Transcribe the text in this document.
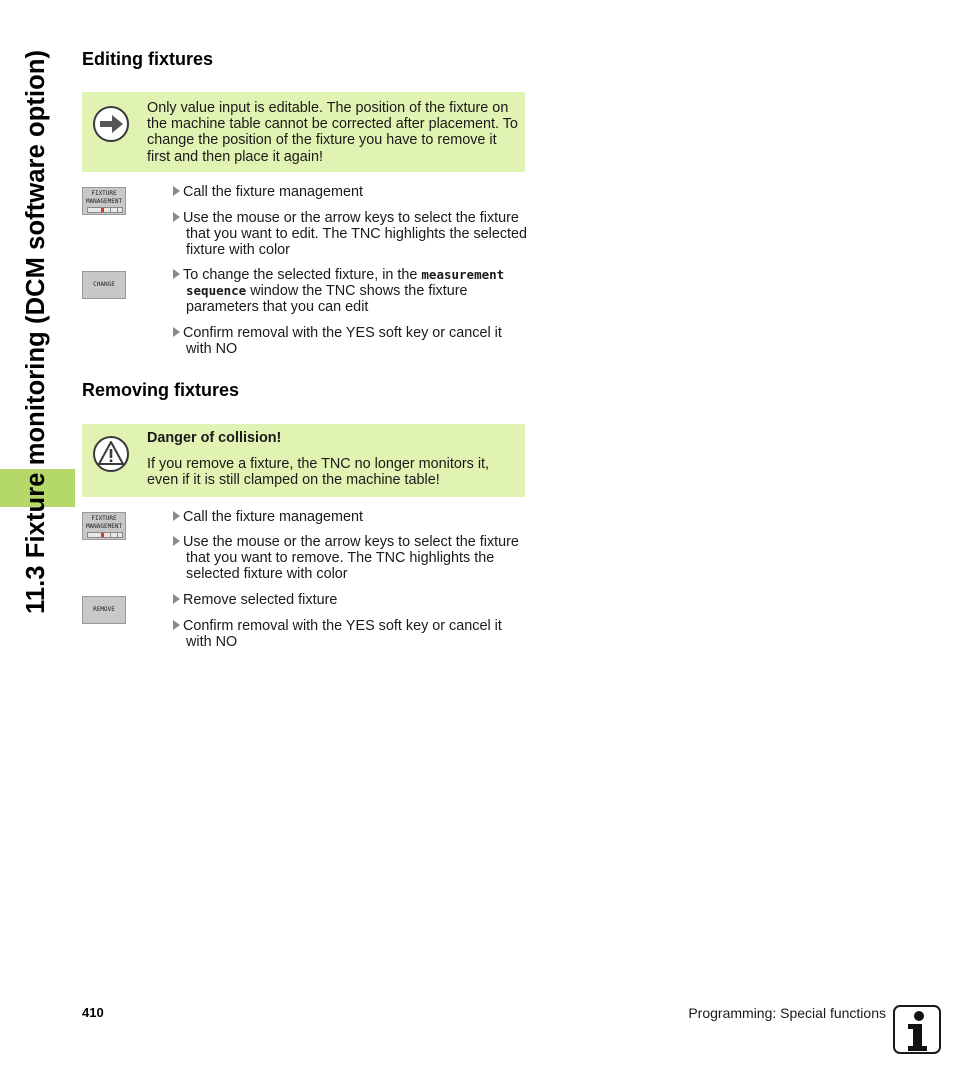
11.3 Fixture monitoring (DCM software option) Editing fixtures
Only value input is editable. The position of the fixture on
the machine table cannot be corrected after placement. To
change the position of the fixture you have to remove it
first and then place it again!
FIXTURE
MANAGEMENT
Call the fixture management
Use the mouse or the arrow keys to select the fixture
that you want to edit. The TNC highlights the selected
fixture with color
CHANGE
To change the selected fixture, in the measurement
sequence window the TNC shows the fixture
parameters that you can edit
Confirm removal with the YES soft key or cancel it
with NO
Removing fixtures
Danger of collision!
If you remove a fixture, the TNC no longer monitors it,
even if it is still clamped on the machine table!
FIXTURE
MANAGEMENT
Call the fixture management
Use the mouse or the arrow keys to select the fixture
that you want to remove. The TNC highlights the
selected fixture with color
REMOVE
Remove selected fixture
Confirm removal with the YES soft key or cancel it
with NO
410	Programming: Special functions
